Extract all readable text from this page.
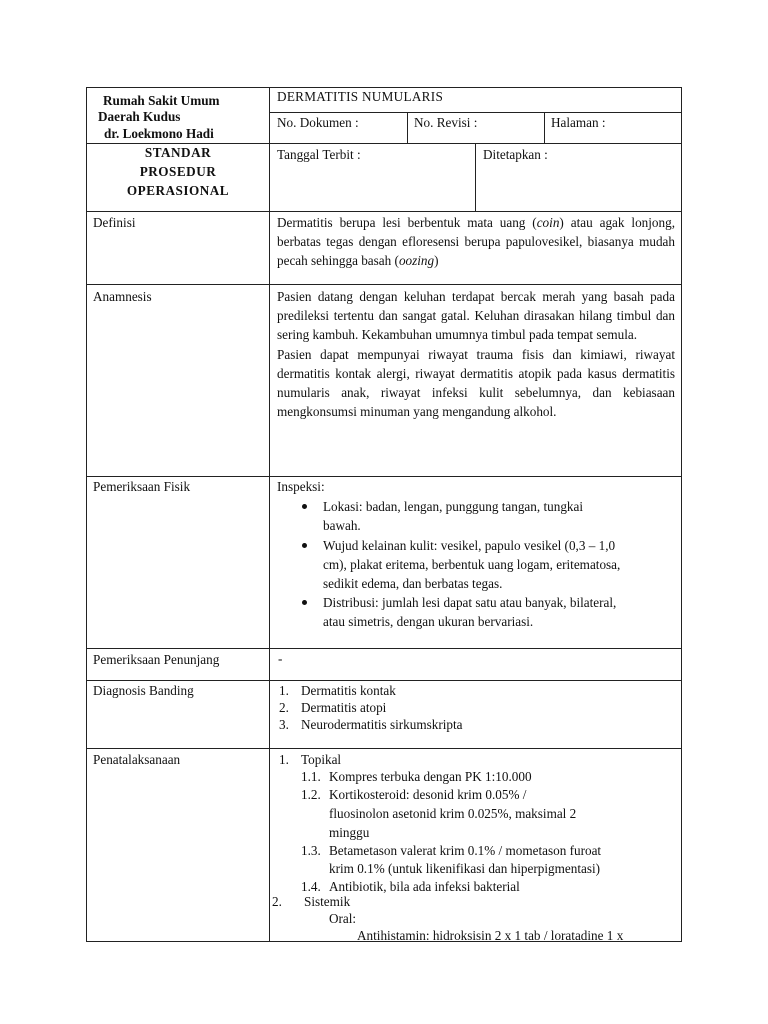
Rumah Sakit Umum
Daerah Kudus
dr. Loekmono Hadi
DERMATITIS NUMULARIS
No. Dokumen :	No. Revisi :	Halaman :
STANDAR
PROSEDUR
OPERASIONAL
Tanggal Terbit :	Ditetapkan :
Definisi	Dermatitis berupa lesi berbentuk mata uang (coin) atau agak lonjong, berbatas tegas dengan efloresensi berupa papulovesikel, biasanya mudah pecah sehingga basah (oozing)
Anamnesis	Pasien datang dengan keluhan terdapat bercak merah yang basah pada predileksi tertentu dan sangat gatal. Keluhan dirasakan hilang timbul dan sering kambuh. Kekambuhan umumnya timbul pada tempat semula.
Pasien dapat mempunyai riwayat trauma fisis dan kimiawi, riwayat dermatitis kontak alergi, riwayat dermatitis atopik pada kasus dermatitis numularis anak, riwayat infeksi kulit sebelumnya, dan kebiasaan mengkonsumsi minuman yang mengandung alkohol.
Pemeriksaan Fisik	Inspeksi:
Lokasi: badan, lengan, punggung tangan, tungkai
bawah.
Wujud kelainan kulit: vesikel, papulo vesikel (0,3 – 1,0
cm), plakat eritema, berbentuk uang logam, eritematosa,
sedikit edema, dan berbatas tegas.
Distribusi: jumlah lesi dapat satu atau banyak, bilateral,
atau simetris, dengan ukuran bervariasi.
Pemeriksaan Penunjang	-
Diagnosis Banding	1. Dermatitis kontak
2. Dermatitis atopi
3. Neurodermatitis sirkumskripta
Penatalaksanaan	1. Topikal
1.1. Kompres terbuka dengan PK 1:10.000
1.2. Kortikosteroid: desonid krim 0.05% /
fluosinolon asetonid krim 0.025%, maksimal 2
minggu
1.3. Betametason valerat krim 0.1% / mometason furoat
krim 0.1% (untuk likenifikasi dan hiperpigmentasi)
1.4. Antibiotik, bila ada infeksi bakterial
2. Sistemik
Oral:
Antihistamin: hidroksisin 2 x 1 tab / loratadine 1 x
